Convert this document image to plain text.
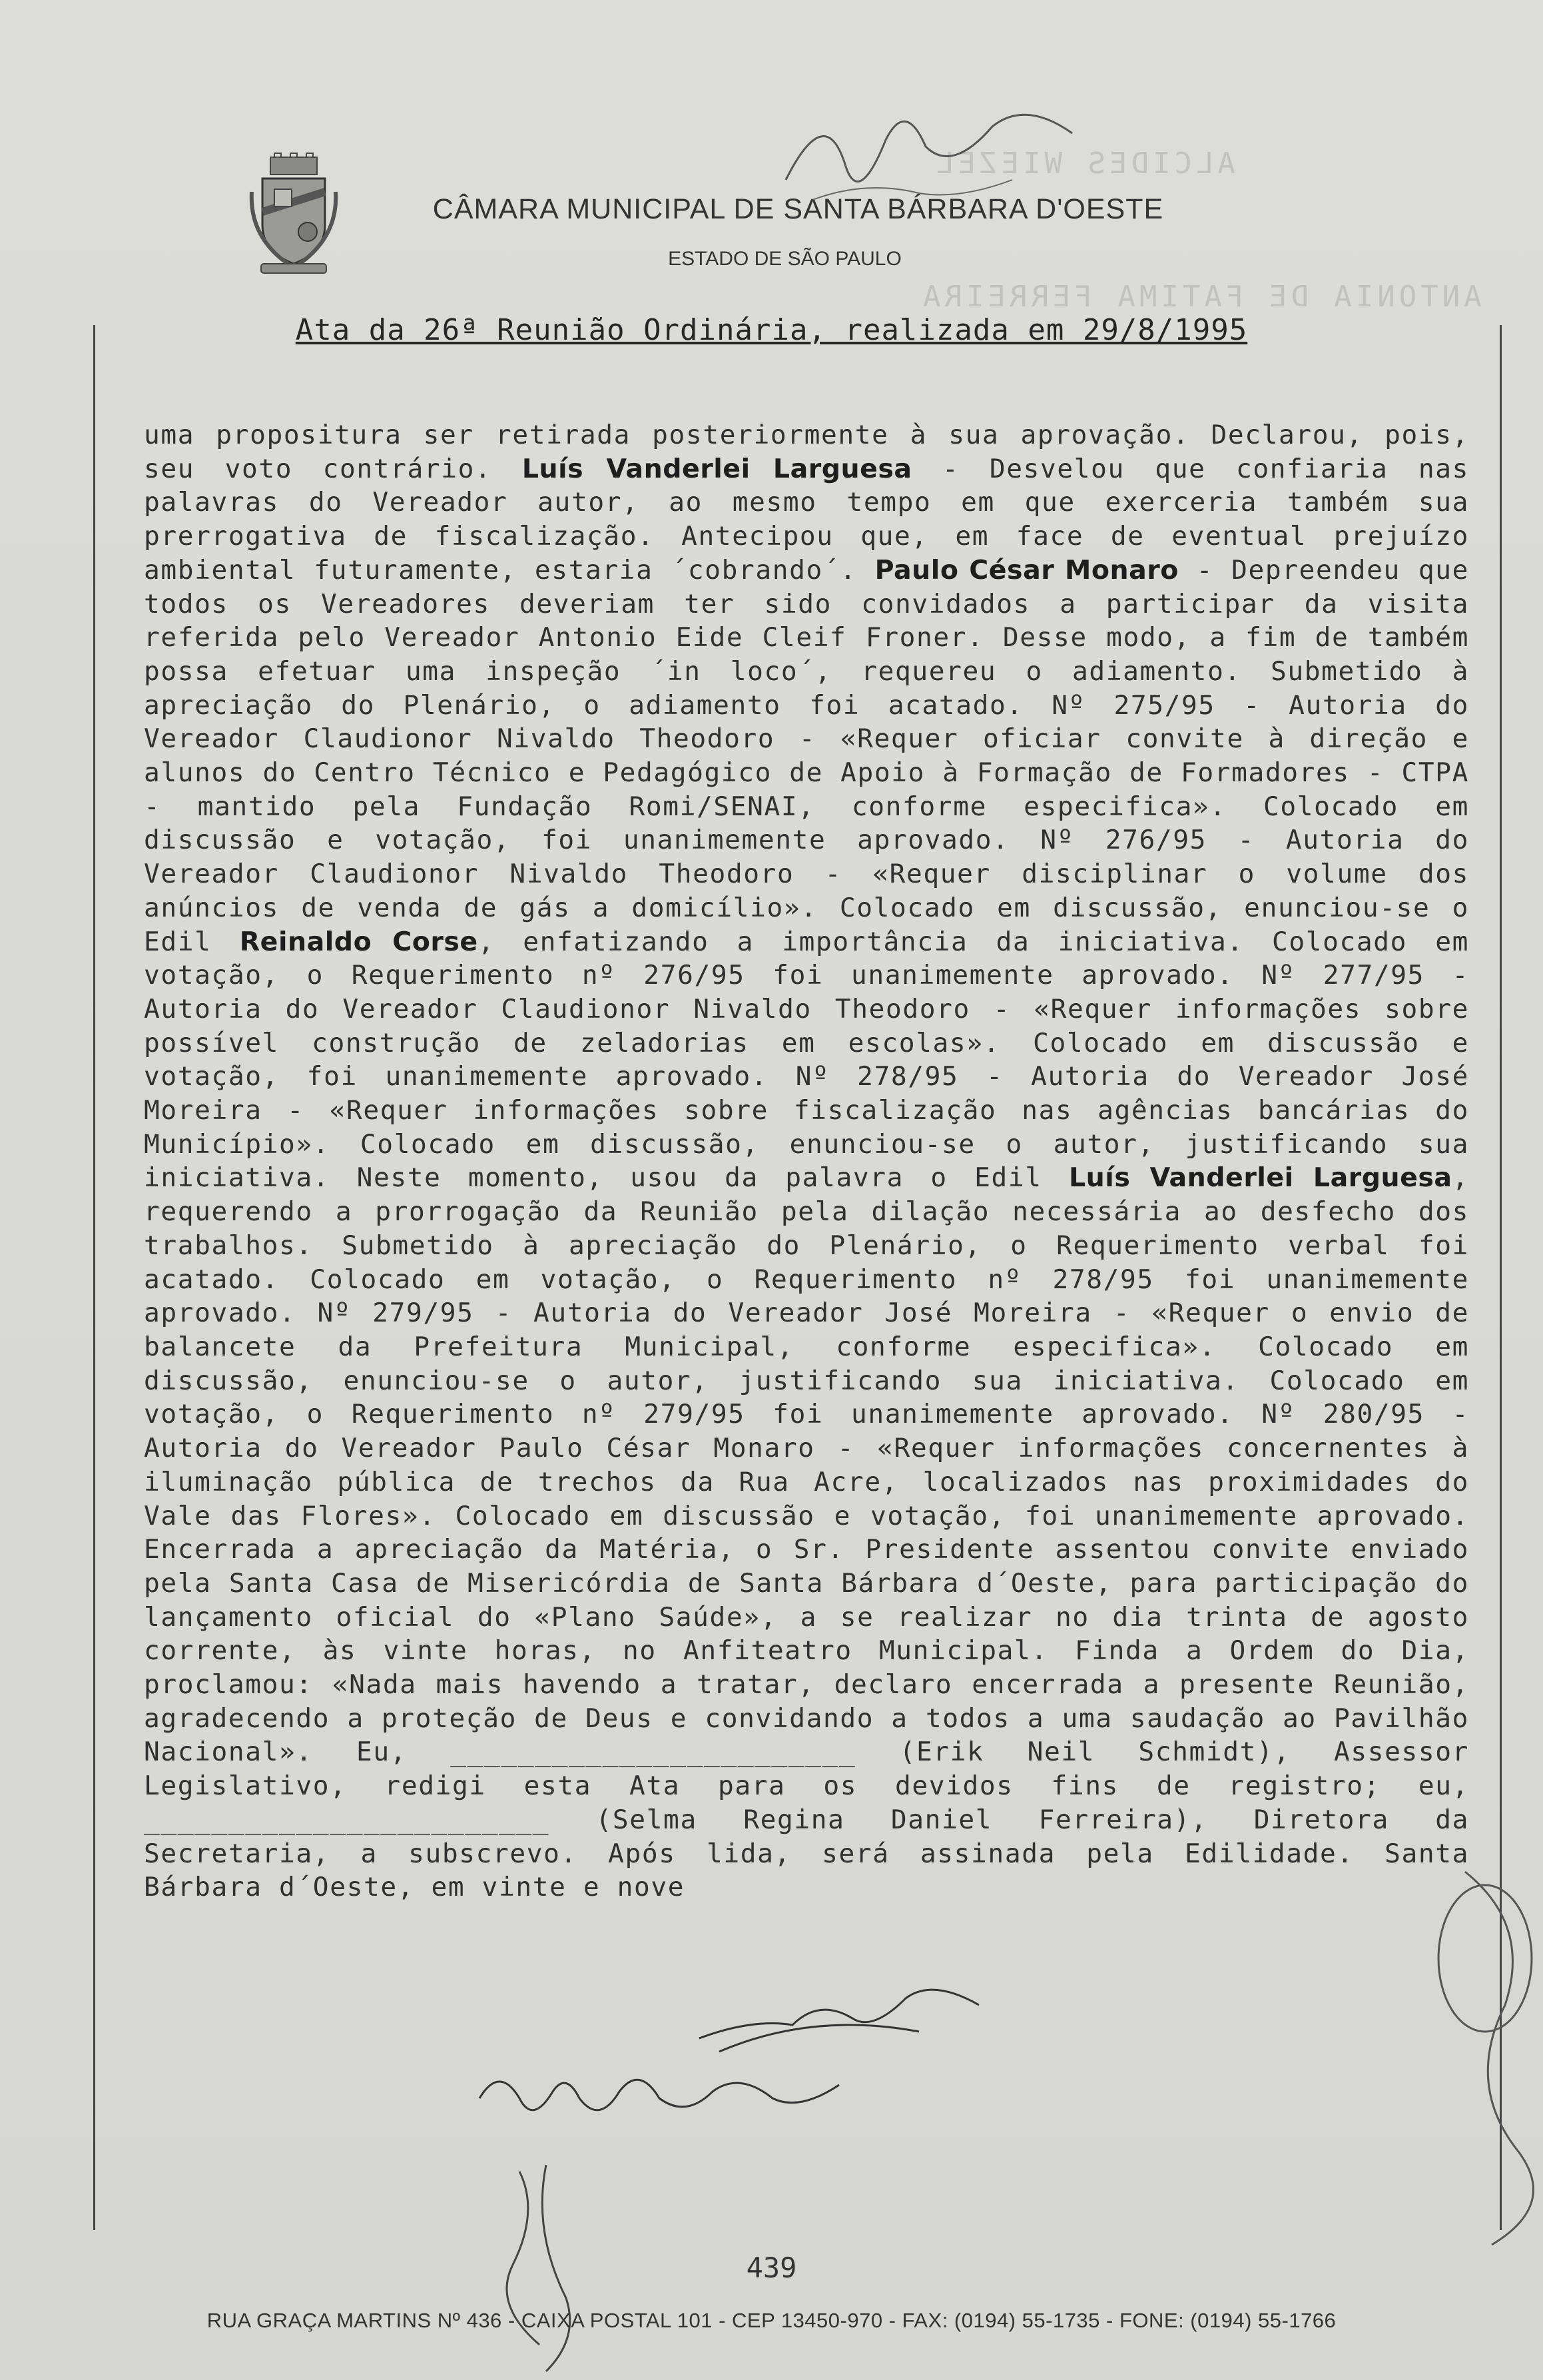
ALCIDES WIEZEL
ANTONIA DE FATIMA FERREIRA
CÂMARA MUNICIPAL DE SANTA BÁRBARA D'OESTE
ESTADO DE SÃO PAULO
Ata da 26ª Reunião Ordinária, realizada em 29/8/1995
uma propositura ser retirada posteriormente à sua aprovação. Declarou, pois, seu voto contrário. Luís Vanderlei Larguesa - Desvelou que confiaria nas palavras do Vereador autor, ao mesmo tempo em que exerceria também sua prerrogativa de fiscalização. Antecipou que, em face de eventual prejuízo ambiental futuramente, estaria ´cobrando´. Paulo César Monaro - Depreendeu que todos os Vereadores deveriam ter sido convidados a participar da visita referida pelo Vereador Antonio Eide Cleif Froner. Desse modo, a fim de também possa efetuar uma inspeção ´in loco´, requereu o adiamento. Submetido à apreciação do Plenário, o adiamento foi acatado. Nº 275/95 - Autoria do Vereador Claudionor Nivaldo Theodoro - «Requer oficiar convite à direção e alunos do Centro Técnico e Pedagógico de Apoio à Formação de Formadores - CTPA - mantido pela Fundação Romi/SENAI, conforme especifica». Colocado em discussão e votação, foi unanimemente aprovado. Nº 276/95 - Autoria do Vereador Claudionor Nivaldo Theodoro - «Requer disciplinar o volume dos anúncios de venda de gás a domicílio». Colocado em discussão, enunciou-se o Edil Reinaldo Corse, enfatizando a importância da iniciativa. Colocado em votação, o Requerimento nº 276/95 foi unanimemente aprovado. Nº 277/95 - Autoria do Vereador Claudionor Nivaldo Theodoro - «Requer informações sobre possível construção de zeladorias em escolas». Colocado em discussão e votação, foi unanimemente aprovado. Nº 278/95 - Autoria do Vereador José Moreira - «Requer informações sobre fiscalização nas agências bancárias do Município». Colocado em discussão, enunciou-se o autor, justificando sua iniciativa. Neste momento, usou da palavra o Edil Luís Vanderlei Larguesa, requerendo a prorrogação da Reunião pela dilação necessária ao desfecho dos trabalhos. Submetido à apreciação do Plenário, o Requerimento verbal foi acatado. Colocado em votação, o Requerimento nº 278/95 foi unanimemente aprovado. Nº 279/95 - Autoria do Vereador José Moreira - «Requer o envio de balancete da Prefeitura Municipal, conforme especifica». Colocado em discussão, enunciou-se o autor, justificando sua iniciativa. Colocado em votação, o Requerimento nº 279/95 foi unanimemente aprovado. Nº 280/95 - Autoria do Vereador Paulo César Monaro - «Requer informações concernentes à iluminação pública de trechos da Rua Acre, localizados nas proximidades do Vale das Flores». Colocado em discussão e votação, foi unanimemente aprovado. Encerrada a apreciação da Matéria, o Sr. Presidente assentou convite enviado pela Santa Casa de Misericórdia de Santa Bárbara d´Oeste, para participação do lançamento oficial do «Plano Saúde», a se realizar no dia trinta de agosto corrente, às vinte horas, no Anfiteatro Municipal. Finda a Ordem do Dia, proclamou: «Nada mais havendo a tratar, declaro encerrada a presente Reunião, agradecendo a proteção de Deus e convidando a todos a uma saudação ao Pavilhão Nacional». Eu, ________________________ (Erik Neil Schmidt), Assessor Legislativo, redigi esta Ata para os devidos fins de registro; eu, ________________________ (Selma Regina Daniel Ferreira), Diretora da Secretaria, a subscrevo. Após lida, será assinada pela Edilidade. Santa Bárbara d´Oeste, em vinte e nove
439
RUA GRAÇA MARTINS Nº 436 - CAIXA POSTAL 101 - CEP 13450-970 - FAX: (0194) 55-1735 - FONE: (0194) 55-1766
